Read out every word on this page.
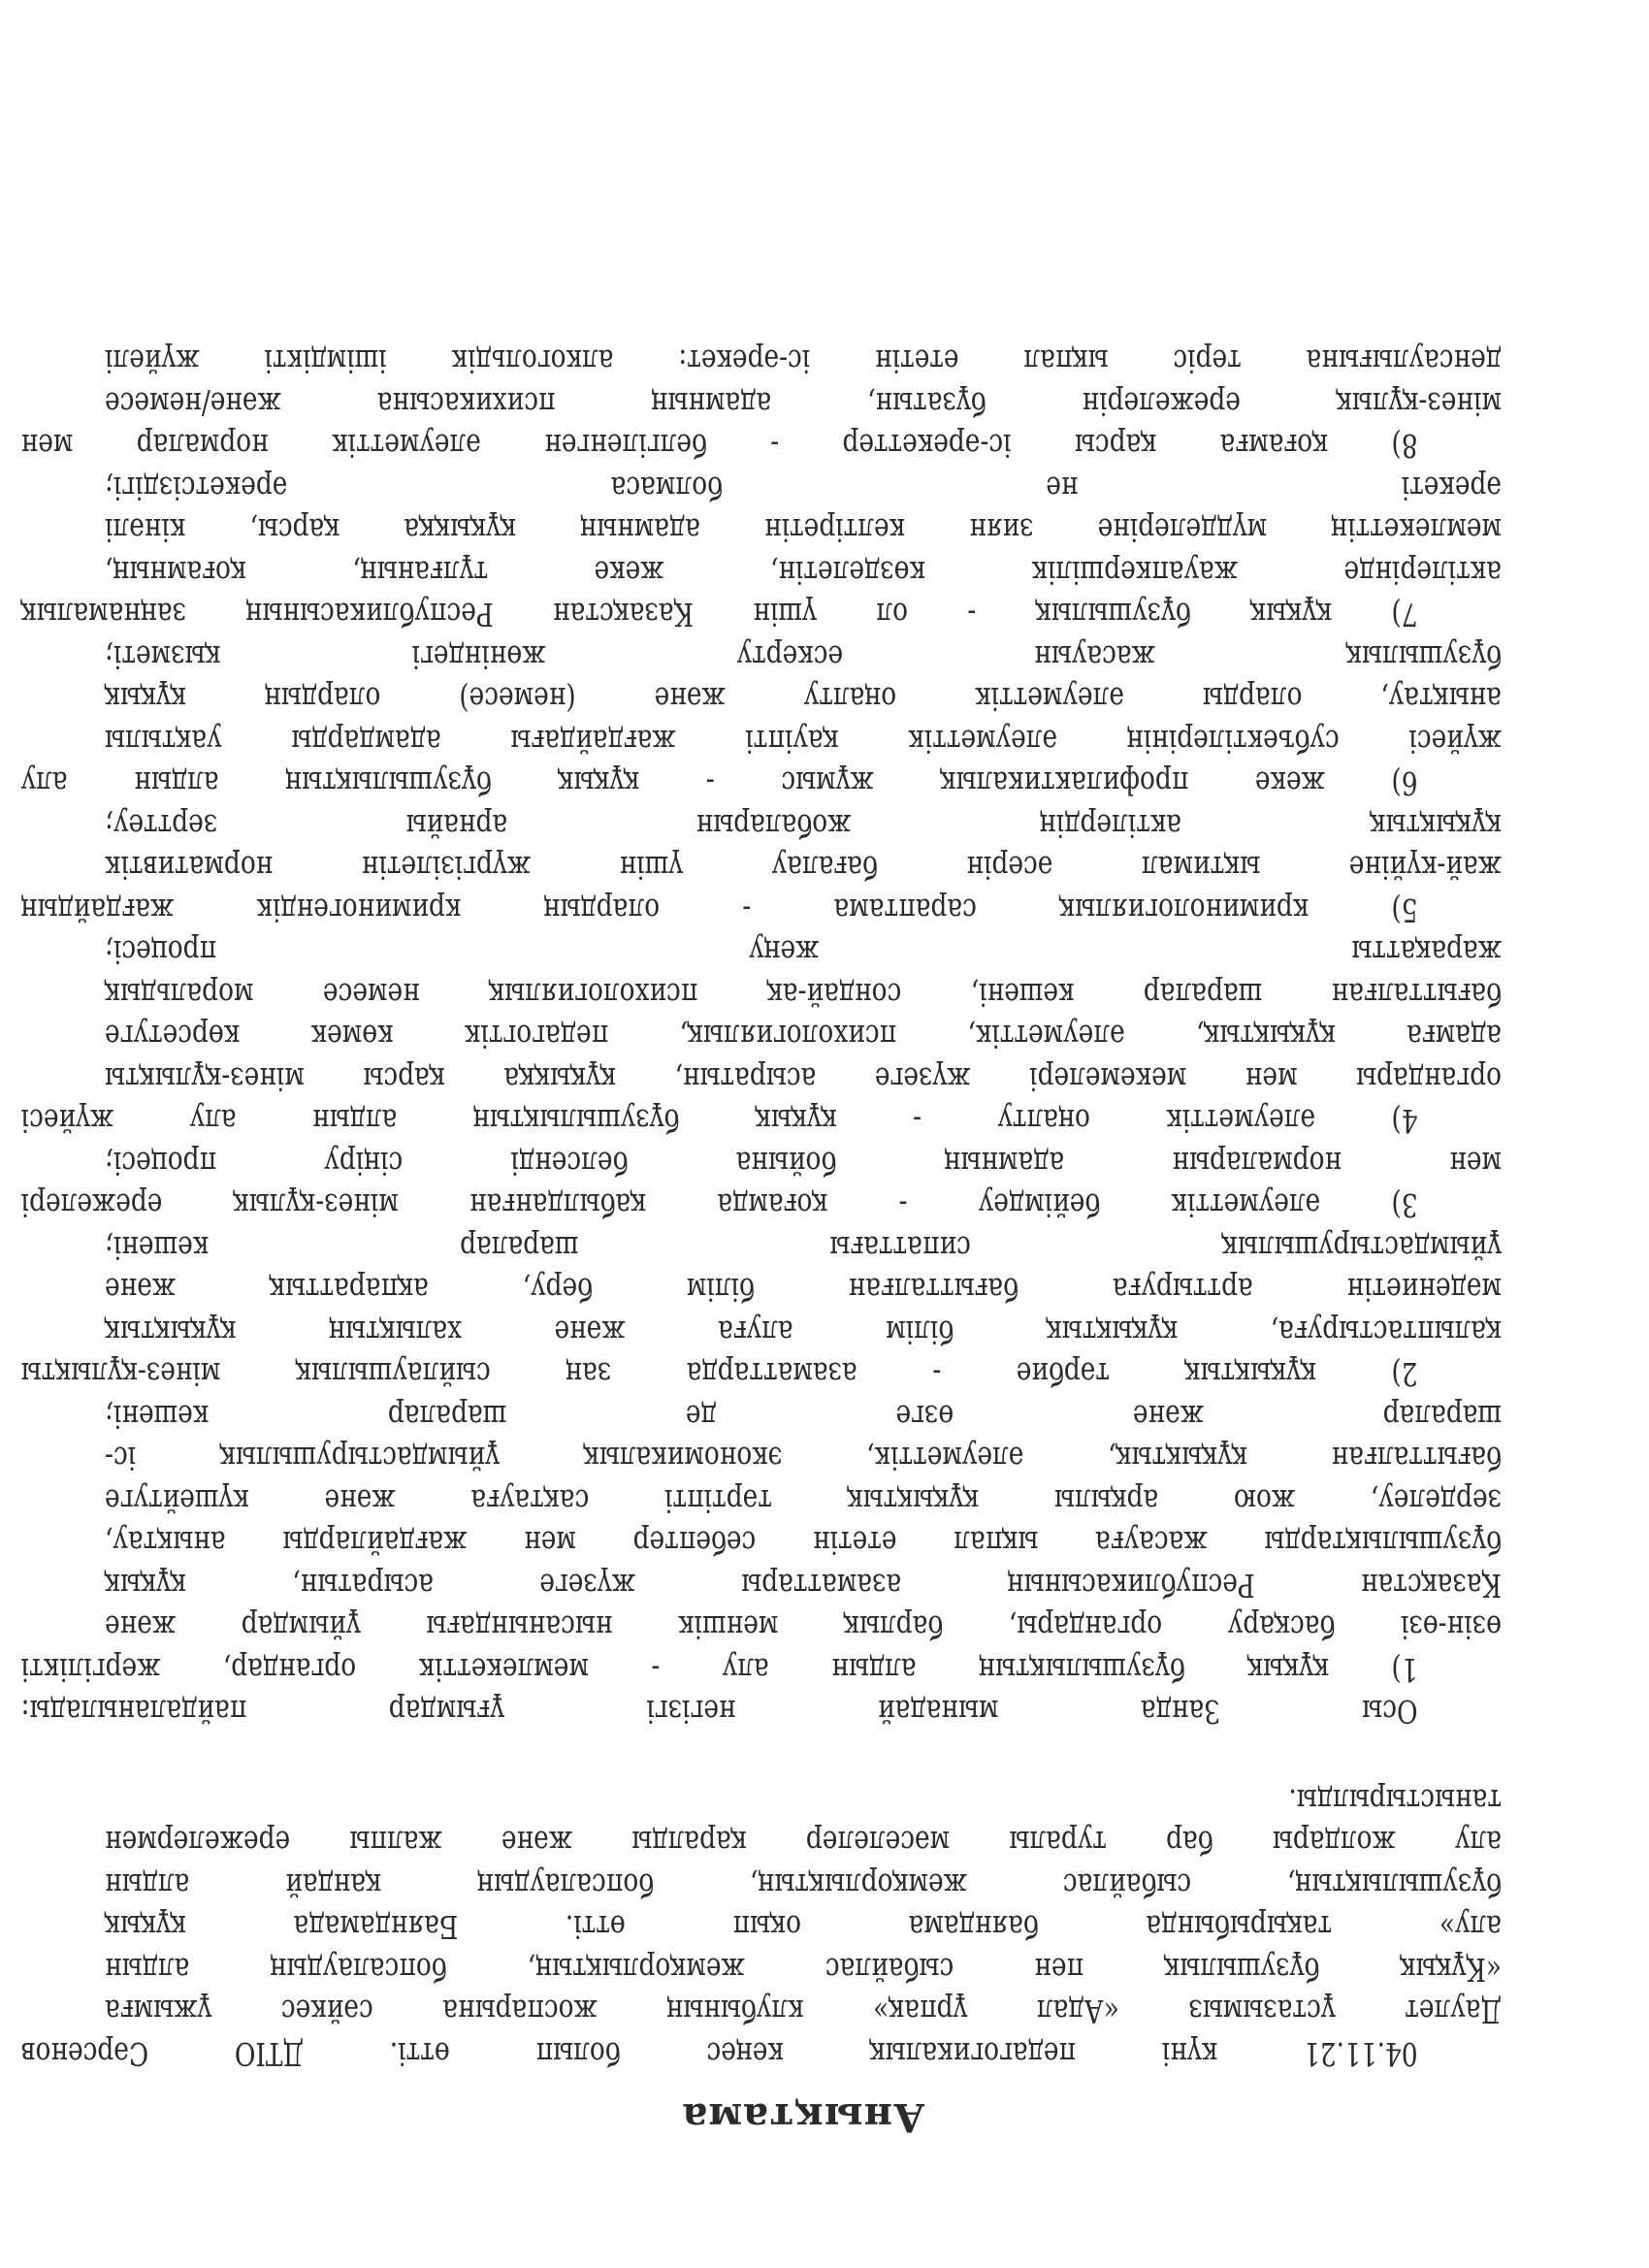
Анықтама
04.11.21 күні педагогикалық кеңес болып өтті. ДТІО Сәрсенов
Даулет ұстазымыз «Адал ұрпақ» клубының жоспарына сәйкес ұжымға
«Құқық бұзушылық пен сыбайлас жемқорлықтың, бопсалаудың алдын
алу» тақырыбында баяндама оқып өтті. Баяндамада құқық
бұзушылықтың, сыбайлас жемқорлықтың, бопсалаудың қандай алдын
алу жолдары бар туралы мәселелер қаралды және жалпы ережелермен
таныстырылды.
Осы Занда мынадай негізгі ұғымдар пайдаланылады:
1) құқық бұзушылықтың алдын алу - мемлекеттік органдар, жергілікті
өзін-өзі басқару органдары, барлық меншік нысанындағы ұйымдар және
Қазақстан Республикасының азаматтары жүзеге асыратын, құқық
бұзушылықтарды жасауға ықпал ететін себептер мен жағдайларды анықтау,
зерделеу, жою арқылы құқықтық тәртіпті сақтауға және күшейтуге
бағытталған құқықтық, әлеуметтік, экономикалық ұйымдастырушылық іс-
шаралар және өзге де шаралар кешені;
2) құқықтық тәрбие - азаматтарда заң сыйлаушылық мінез-құлықты
қалыптастыруға, құқықтық білім алуға және халықтың құқықтық
мәдениетін арттыруға бағытталған білім беру, ақпараттық және
ұйымдастырушылық сипаттағы шаралар кешені;
3) әлеуметтік бейімдеу - қоғамда қабылданған мінез-құлық ережелері
мен нормаларын адамның бойына белсенді сіңіру процесі;
4) әлеуметтік оңалту - құқық бұзушылықтың алдын алу жүйесі
органдары мен мекемелері жүзеге асыратын, құқыққа қарсы мінез-құлықты
адамға құқықтық, әлеуметтік, психологиялық, педагогтік көмек көрсетуге
бағытталған шаралар кешені, сондай-ақ психологиялық немесе моральдық
жарақатты жеңу процесі;
5) криминологиялық сараптама - олардың криминогендік жағдайдың
жай-күйіне ықтимал әсерін бағалау үшін жүргізілетін нормативтік
құқықтық актілердің жобаларын арнайы зерттеу;
6) жеке профилактикалық жұмыс - құқық бұзушылықтың алдын алу
жүйесі субъектілерінің әлеуметтік қауіпті жағдайдағы адамдарды уақтылы
анықтау, оларды әлеуметтік оңалту және (немесе) олардың құқық
бұзушылық жасауын ескерту жөніндегі қызметі;
7) құқық бұзушылық - ол үшін Қазақстан Республикасының заңнамалық
актілерінде жауапкершілік көзделетін, жеке тұлғаның, қоғамның,
мемлекеттің мүдделеріне зиян келтіретін адамның құқыққа қарсы, кінәлі
әрекеті не болмаса әрекетсіздігі;
8) қоғамға қарсы іс-әрекеттер - белгіленген әлеуметтік нормалар мен
мінез-құлық ережелерін бұзатын, адамның психикасына және/немесе
денсаулығына теріс ықпал ететін іс-әрекет: алкогольдік ішімдікті жүйелі
